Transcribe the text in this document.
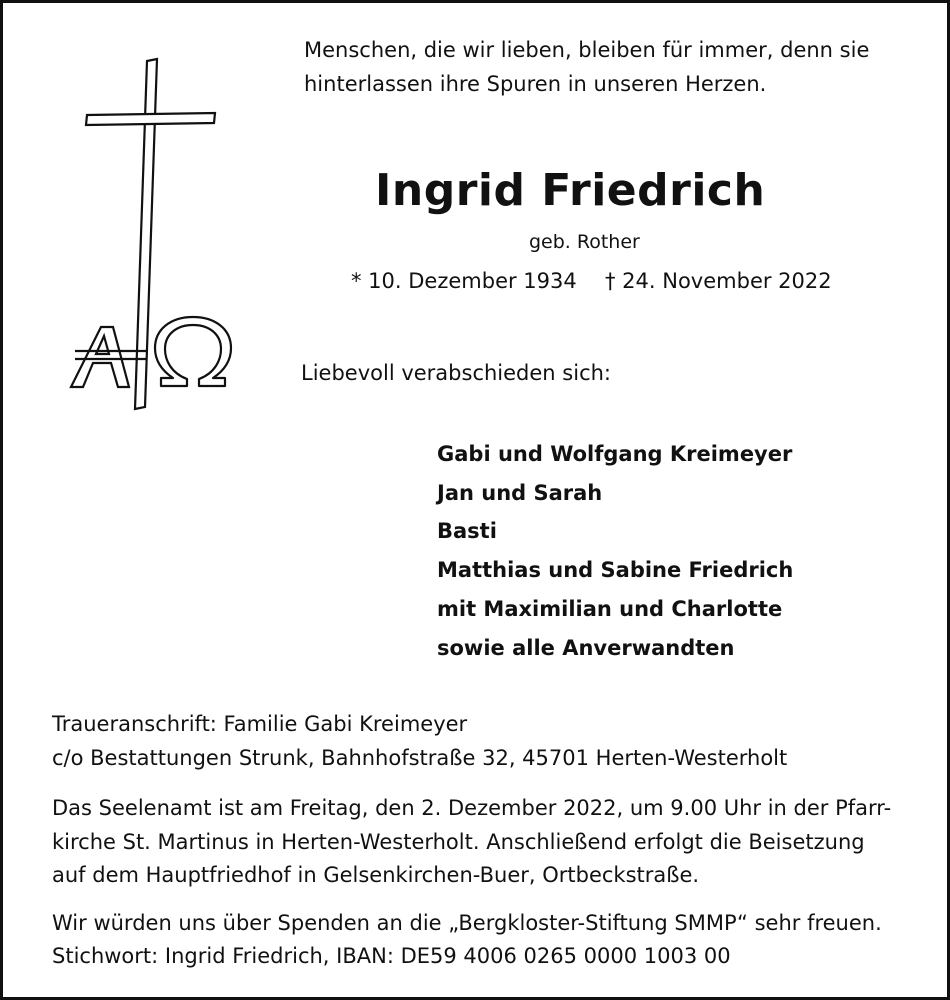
Menschen, die wir lieben, bleiben für immer, denn sie

hinterlassen ihre Spuren in unseren Herzen.

Ingrid Friedrich

geb. Rother

* 10. Dezember 1934 † 24. November 2022

Liebevoll verabschieden sich:

Gabi und Wolfgang Kreimeyer

Jan und Sarah

Basti

Matthias und Sabine Friedrich

mit Maximilian und Charlotte

sowie alle Anverwandten

Traueranschrift: Familie Gabi Kreimeyer

c/o Bestattungen Strunk, Bahnhofstraße 32, 45701 Herten-Westerholt

Das Seelenamt ist am Freitag, den 2. Dezember 2022, um 9.00 Uhr in der Pfarr-

kirche St. Martinus in Herten-Westerholt. Anschließend erfolgt die Beisetzung

auf dem Hauptfriedhof in Gelsenkirchen-Buer, Ortbeckstraße.

Wir würden uns über Spenden an die „Bergkloster-Stiftung SMMP“ sehr freuen.

Stichwort: Ingrid Friedrich, IBAN: DE59 4006 0265 0000 1003 00
